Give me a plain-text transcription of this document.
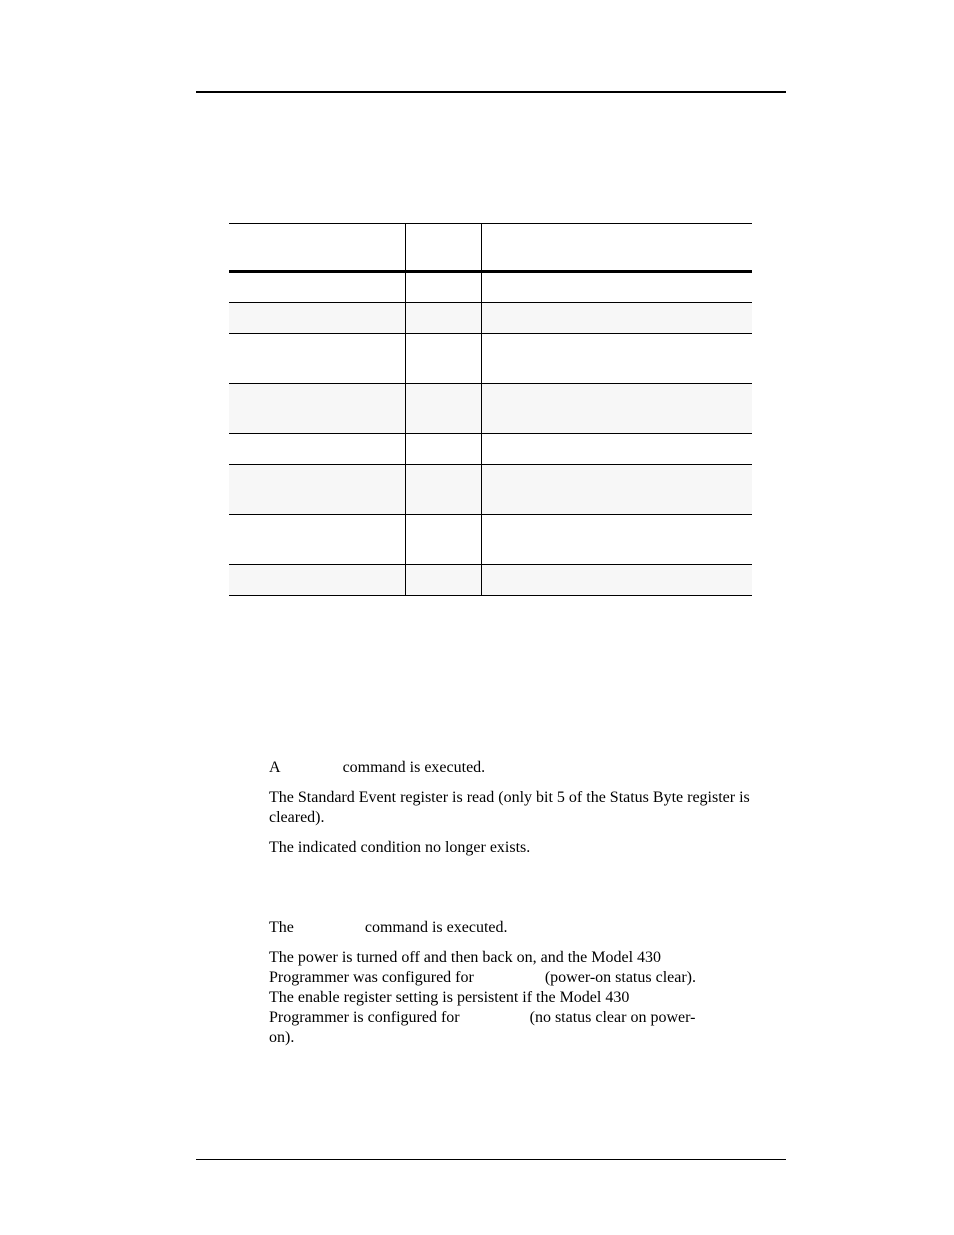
A	command is executed.
The Standard Event register is read (only bit 5 of the Status Byte register is cleared).
The indicated condition no longer exists.
The	command is executed.
The power is turned off and then back on, and the Model 430
Programmer was configured for	(power-on status clear).
The enable register setting is persistent if the Model 430
Programmer is configured for	(no status clear on power-
on).
